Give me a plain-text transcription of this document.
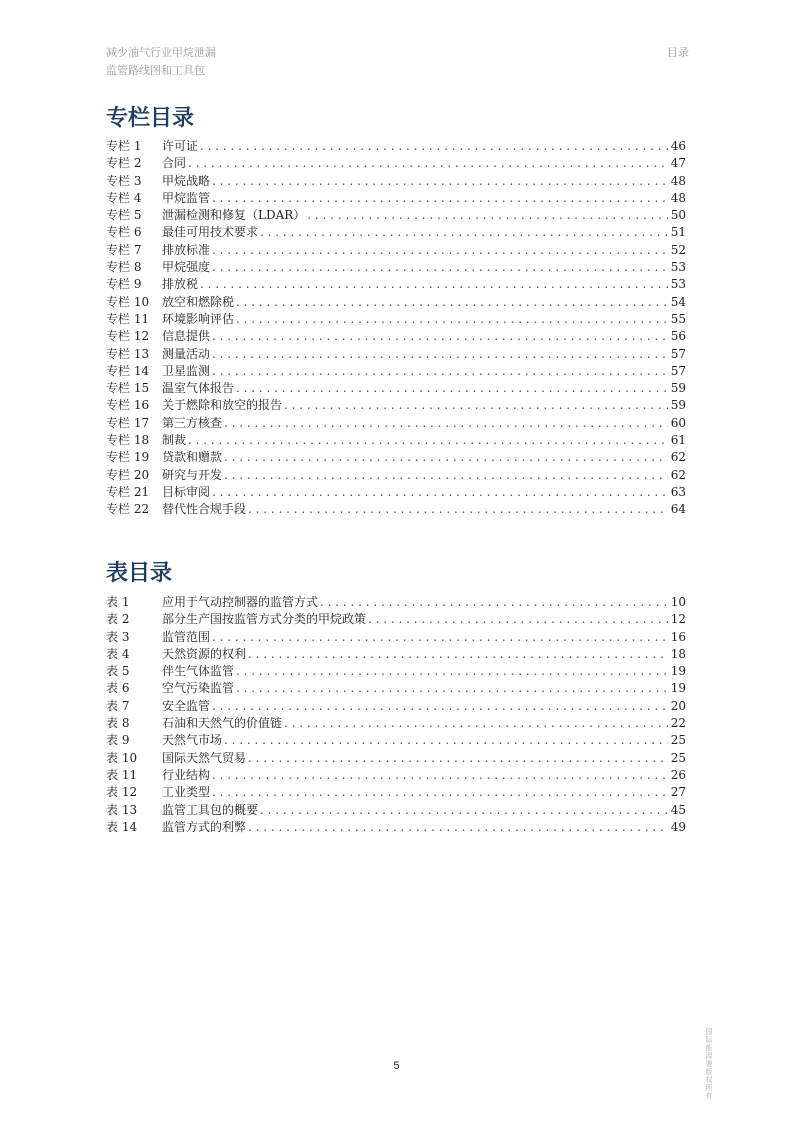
减少油气行业甲烷泄漏
监管路线图和工具包
目录
专栏目录
专栏 1	许可证 . . .	46
专栏 2	合同 . . .	47
专栏 3	甲烷战略 . . .	48
专栏 4	甲烷监管 . . .	48
专栏 5	泄漏检测和修复（LDAR） . . .	50
专栏 6	最佳可用技术要求 . . .	51
专栏 7	排放标准 . . .	52
专栏 8	甲烷强度 . . .	53
专栏 9	排放税 . . .	53
专栏 10	放空和燃除税 . . .	54
专栏 11	环境影响评估 . . .	55
专栏 12	信息提供 . . .	56
专栏 13	测量活动 . . .	57
专栏 14	卫星监测 . . .	57
专栏 15	温室气体报告 . . .	59
专栏 16	关于燃除和放空的报告 . . .	59
专栏 17	第三方核查 . . .	60
专栏 18	制裁 . . .	61
专栏 19	贷款和赠款 . . .	62
专栏 20	研究与开发 . . .	62
专栏 21	目标审阅 . . .	63
专栏 22	替代性合规手段 . . .	64
表目录
表 1	应用于气动控制器的监管方式 . . .	10
表 2	部分生产国按监管方式分类的甲烷政策 . . .	12
表 3	监管范围 . . .	16
表 4	天然资源的权利 . . .	18
表 5	伴生气体监管 . . .	19
表 6	空气污染监管 . . .	19
表 7	安全监管 . . .	20
表 8	石油和天然气的价值链 . . .	22
表 9	天然气市场 . . .	25
表 10	国际天然气贸易 . . .	25
表 11	行业结构 . . .	26
表 12	工业类型 . . .	27
表 13	监管工具包的概要 . . .	45
表 14	监管方式的利弊 . . .	49
5	国际能源署版权所有
